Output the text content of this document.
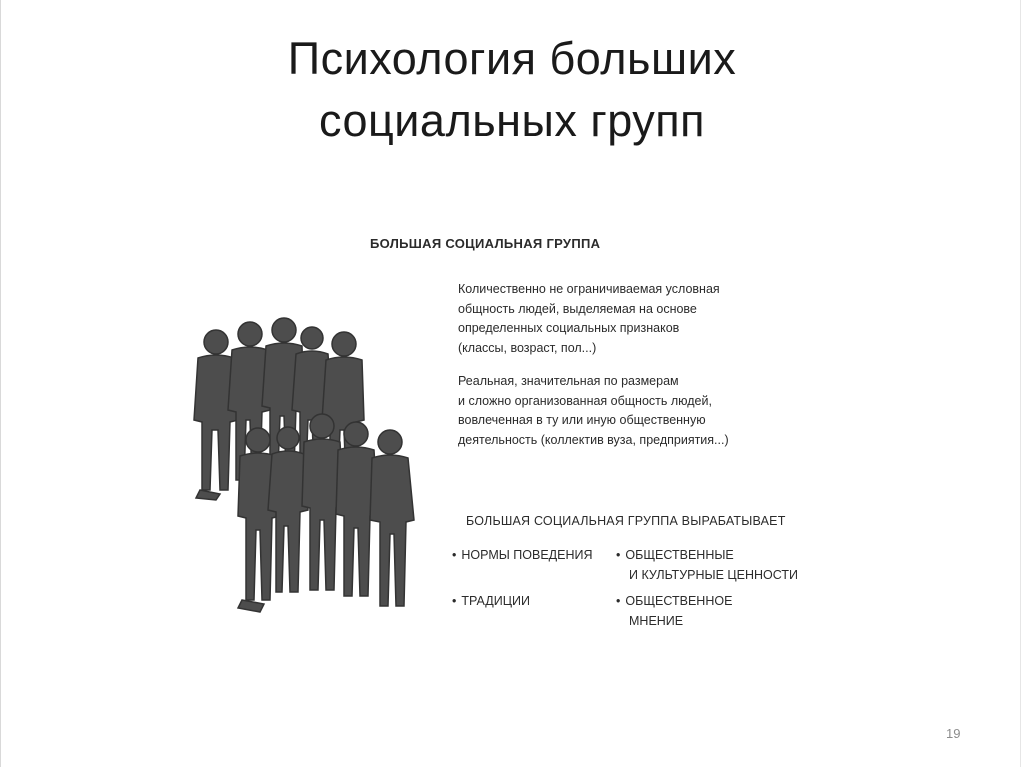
Психология больших
социальных групп
БОЛЬШАЯ СОЦИАЛЬНАЯ ГРУППА

Количественно не ограничиваемая условная
общность людей, выделяемая на основе
определенных социальных признаков
(классы, возраст, пол...)

Реальная, значительная по размерам
и сложно организованная общность людей,
вовлеченная в ту или иную общественную
деятельность (коллектив вуза, предприятия...)

БОЛЬШАЯ СОЦИАЛЬНАЯ ГРУППА ВЫРАБАТЫВАЕТ
• НОРМЫ ПОВЕДЕНИЯ • ОБЩЕСТВЕННЫЕ
И КУЛЬТУРНЫЕ ЦЕННОСТИ
• ТРАДИЦИИ	• ОБЩЕСТВЕННОЕ
МНЕНИЕ
19
